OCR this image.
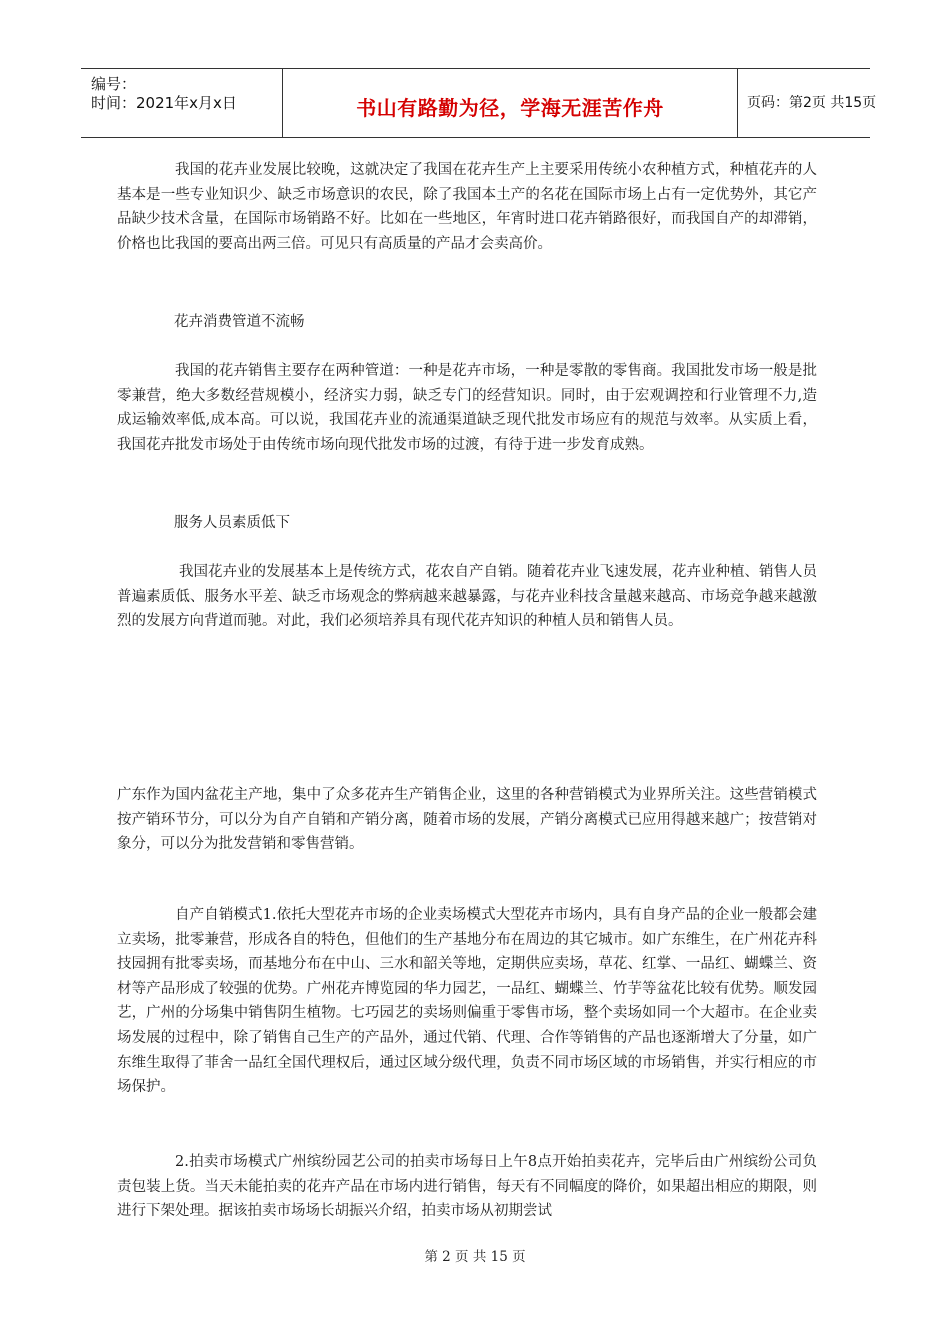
编号：
时间：2021年x月x日	书山有路勤为径，学海无涯苦作舟	页码：第2页 共15页

我国的花卉业发展比较晚，这就决定了我国在花卉生产上主要采用传统小农种植方式，种植花卉的人基本是一些专业知识少、缺乏市场意识的农民，除了我国本土产的名花在国际市场上占有一定优势外，其它产品缺少技术含量，在国际市场销路不好。比如在一些地区，年宵时进口花卉销路很好，而我国自产的却滞销，价格也比我国的要高出两三倍。可见只有高质量的产品才会卖高价。

花卉消费管道不流畅

我国的花卉销售主要存在两种管道：一种是花卉市场，一种是零散的零售商。我国批发市场一般是批零兼营，绝大多数经营规模小，经济实力弱，缺乏专门的经营知识。同时，由于宏观调控和行业管理不力,造成运输效率低,成本高。可以说，我国花卉业的流通渠道缺乏现代批发市场应有的规范与效率。从实质上看，我国花卉批发市场处于由传统市场向现代批发市场的过渡，有待于进一步发育成熟。

服务人员素质低下

我国花卉业的发展基本上是传统方式，花农自产自销。随着花卉业飞速发展，花卉业种植、销售人员普遍素质低、服务水平差、缺乏市场观念的弊病越来越暴露，与花卉业科技含量越来越高、市场竞争越来越激烈的发展方向背道而驰。对此，我们必须培养具有现代花卉知识的种植人员和销售人员。

广东作为国内盆花主产地，集中了众多花卉生产销售企业，这里的各种营销模式为业界所关注。这些营销模式按产销环节分，可以分为自产自销和产销分离，随着市场的发展，产销分离模式已应用得越来越广；按营销对象分，可以分为批发营销和零售营销。

自产自销模式1.依托大型花卉市场的企业卖场模式大型花卉市场内，具有自身产品的企业一般都会建立卖场，批零兼营，形成各自的特色，但他们的生产基地分布在周边的其它城市。如广东维生，在广州花卉科技园拥有批零卖场，而基地分布在中山、三水和韶关等地，定期供应卖场，草花、红掌、一品红、蝴蝶兰、资材等产品形成了较强的优势。广州花卉博览园的华力园艺，一品红、蝴蝶兰、竹芋等盆花比较有优势。顺发园艺，广州的分场集中销售阴生植物。七巧园艺的卖场则偏重于零售市场，整个卖场如同一个大超市。在企业卖场发展的过程中，除了销售自己生产的产品外，通过代销、代理、合作等销售的产品也逐渐增大了分量，如广东维生取得了菲舍一品红全国代理权后，通过区域分级代理，负责不同市场区域的市场销售，并实行相应的市场保护。

2.拍卖市场模式广州缤纷园艺公司的拍卖市场每日上午8点开始拍卖花卉，完毕后由广州缤纷公司负责包装上货。当天未能拍卖的花卉产品在市场内进行销售，每天有不同幅度的降价，如果超出相应的期限，则进行下架处理。据该拍卖市场场长胡振兴介绍，拍卖市场从初期尝试

第 2 页 共 15 页
